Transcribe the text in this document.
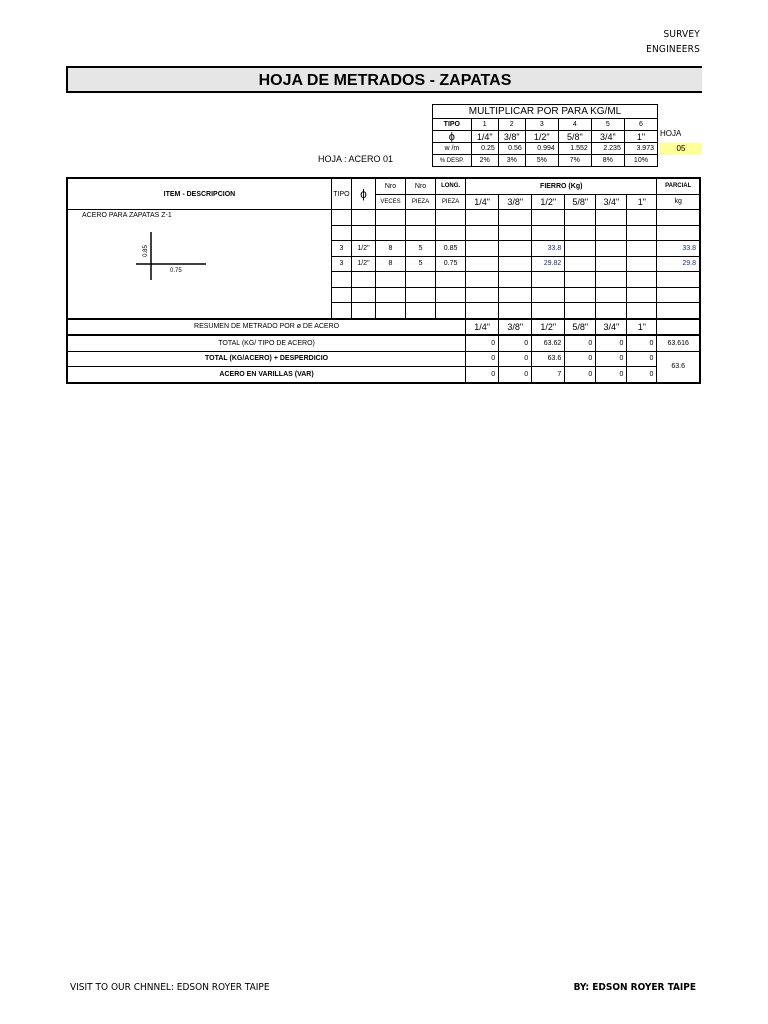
SURVEY
ENGINEERS
HOJA DE METRADOS - ZAPATAS
MULTIPLICAR POR PARA KG/ML						
TIPO	1	2	3	4	5	6
ϕ	1/4"	3/8"	1/2"	5/8"	3/4"	1"
w /m	0.25	0.56	0.994	1.552	2.235	3.973
% DESP.	2%	3%	5%	7%	8%	10%
HOJA
05
HOJA : ACERO 01
ITEM - DESCRIPCION	TIPO	ϕ	Nro	Nro	LONG.	FIERRO (Kg)						PARCIAL
			VECES	PIEZA	PIEZA	1/4"	3/8"	1/2"	5/8"	3/4"	1"	kg

ACERO PARA ZAPATAS Z-1
0.85
0.75												

	3	1/2"	8	5	0.85			33.8				33.8
	3	1/2"	8	5	0.75			29.82				29.8

RESUMEN DE METRADO POR ø DE ACERO						1/4"	3/8"	1/2"	5/8"	3/4"	1"	
TOTAL (KG/ TIPO DE ACERO)						0	0	63.62	0	0	0	63.616
TOTAL (KG/ACERO) + DESPERDICIO						0	0	63.6	0	0	0	63.6
ACERO EN VARILLAS (VAR)						0	0	7	0	0	0	
VISIT TO OUR CHNNEL: EDSON ROYER TAIPE	BY: EDSON ROYER TAIPE
